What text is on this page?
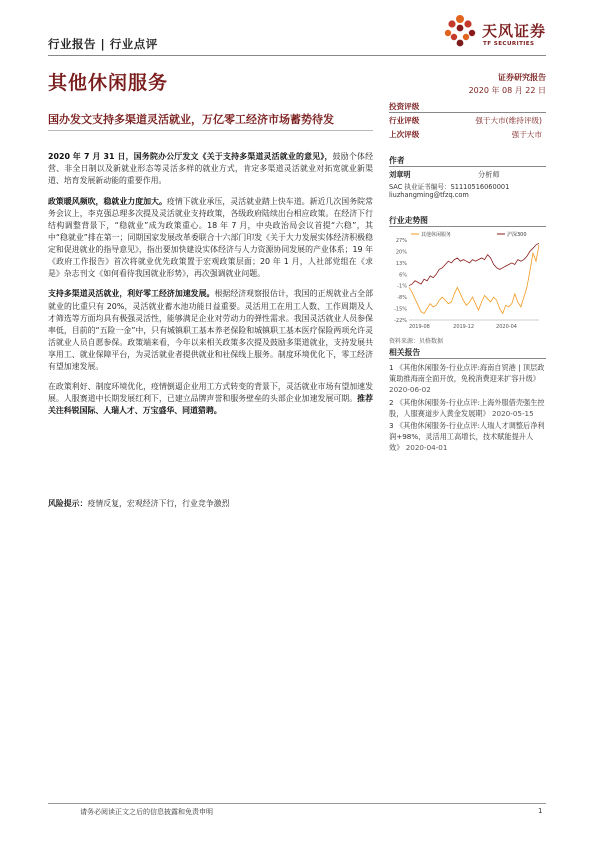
行业报告 | 行业点评
天风证券
TF SECURITIES
其他休闲服务
国办发文支持多渠道灵活就业，万亿零工经济市场蓄势待发
证券研究报告
2020 年 08 月 22 日
投资评级
行业评级	强于大市(维持评级)
上次评级	强于大市
作者
刘章明	分析师
SAC 执业证书编号：S1110516060001
liuzhangming@tfzq.com
行业走势图
27%
20%
13%
6%
-1%
-8%
-15%
-22%
2019-08	2019-12	2020-04
其他休闲服务	沪深300
资料来源：贝格数据
相关报告
1 《其他休闲服务-行业点评:海南自贸港 | 顶层政策助推海南全面开放，免税消费迎来扩容升级》 2020-06-02
2 《其他休闲服务-行业点评:上海外服借壳强生控股，人服赛道步入黄金发展期》 2020-05-15
3 《其他休闲服务-行业点评:人瑞人才调整后净利润+98%，灵活用工高增长，技术赋能提升人效》 2020-04-01

2020 年 7 月 31 日，国务院办公厅发文《关于支持多渠道灵活就业的意见》，鼓励个体经营、非全日制以及新就业形态等灵活多样的就业方式，肯定多渠道灵活就业对拓宽就业新渠道、培育发展新动能的重要作用。

政策暖风频吹，稳就业力度加大。疫情下就业承压，灵活就业踏上快车道。新近几次国务院常务会议上，李克强总理多次提及灵活就业支持政策，各级政府陆续出台相应政策。在经济下行结构调整背景下，“稳就业”成为政策重心。18 年 7 月，中央政治局会议首提“六稳”，其中“稳就业”排在第一；同期国家发展改革委联合十六部门印发《关于大力发展实体经济积极稳定和促进就业的指导意见》，指出要加快建设实体经济与人力资源协同发展的产业体系；19 年《政府工作报告》首次将就业优先政策置于宏观政策层面；20 年 1 月，人社部党组在《求是》杂志刊文《如何看待我国就业形势》，再次强调就业问题。

支持多渠道灵活就业，利好零工经济加速发展。根据经济观察报估计，我国的正规就业占全部就业的比重只有 20%，灵活就业蓄水池功能日益重要。灵活用工在用工人数、工作周期及人才筛选等方面均具有极强灵活性，能够满足企业对劳动力的弹性需求。我国灵活就业人员参保率低，目前的“五险一金”中，只有城镇职工基本养老保险和城镇职工基本医疗保险两项允许灵活就业人员自愿参保。政策端来看，今年以来相关政策多次提及鼓励多渠道就业，支持发展共享用工、就业保障平台，为灵活就业者提供就业和社保线上服务。制度环境优化下，零工经济有望加速发展。

在政策利好、制度环境优化，疫情倒逼企业用工方式转变的背景下，灵活就业市场有望加速发展。人服赛道中长期发展红利下，已建立品牌声誉和服务壁垒的头部企业加速发展可期。推荐关注科锐国际、人瑞人才、万宝盛华、同道猎聘。

风险提示：疫情反复，宏观经济下行，行业竞争激烈
请务必阅读正文之后的信息披露和免责申明	1
